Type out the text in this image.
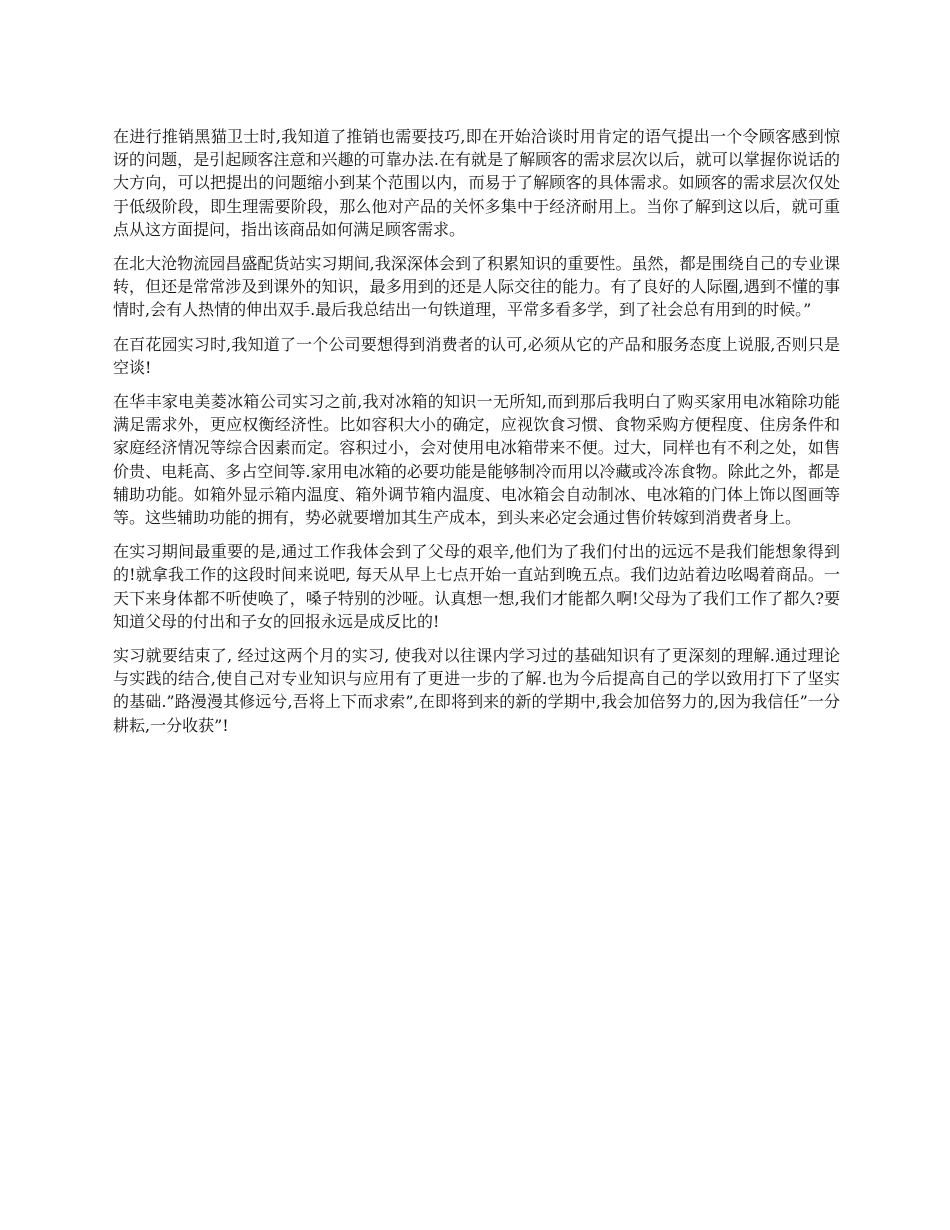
在进行推销黑猫卫士时,我知道了推销也需要技巧,即在开始洽谈时用肯定的语气提出一个令顾客感到惊讶的问题，是引起顾客注意和兴趣的可靠办法.在有就是了解顾客的需求层次以后，就可以掌握你说话的大方向，可以把提出的问题缩小到某个范围以内，而易于了解顾客的具体需求。如顾客的需求层次仅处于低级阶段，即生理需要阶段，那么他对产品的关怀多集中于经济耐用上。当你了解到这以后，就可重点从这方面提问，指出该商品如何满足顾客需求。

在北大沧物流园昌盛配货站实习期间,我深深体会到了积累知识的重要性。虽然，都是围绕自己的专业课转，但还是常常涉及到课外的知识，最多用到的还是人际交往的能力。有了良好的人际圈,遇到不懂的事情时,会有人热情的伸出双手.最后我总结出一句铁道理，平常多看多学，到了社会总有用到的时候。”

在百花园实习时,我知道了一个公司要想得到消费者的认可,必须从它的产品和服务态度上说服,否则只是空谈!

在华丰家电美菱冰箱公司实习之前,我对冰箱的知识一无所知,而到那后我明白了购买家用电冰箱除功能满足需求外，更应权衡经济性。比如容积大小的确定，应视饮食习惯、食物采购方便程度、住房条件和家庭经济情况等综合因素而定。容积过小，会对使用电冰箱带来不便。过大，同样也有不利之处，如售价贵、电耗高、多占空间等.家用电冰箱的必要功能是能够制冷而用以冷藏或冷冻食物。除此之外，都是辅助功能。如箱外显示箱内温度、箱外调节箱内温度、电冰箱会自动制冰、电冰箱的门体上饰以图画等等。这些辅助功能的拥有，势必就要增加其生产成本，到头来必定会通过售价转嫁到消费者身上。

在实习期间最重要的是,通过工作我体会到了父母的艰辛,他们为了我们付出的远远不是我们能想象得到的!就拿我工作的这段时间来说吧, 每天从早上七点开始一直站到晚五点。我们边站着边吆喝着商品。一天下来身体都不听使唤了，嗓子特别的沙哑。认真想一想,我们才能都久啊!父母为了我们工作了都久?要知道父母的付出和子女的回报永远是成反比的!

实习就要结束了, 经过这两个月的实习, 使我对以往课内学习过的基础知识有了更深刻的理解.通过理论与实践的结合,使自己对专业知识与应用有了更进一步的了解.也为今后提高自己的学以致用打下了坚实的基础.”路漫漫其修远兮,吾将上下而求索”,在即将到来的新的学期中,我会加倍努力的,因为我信任”一分耕耘,一分收获”!
